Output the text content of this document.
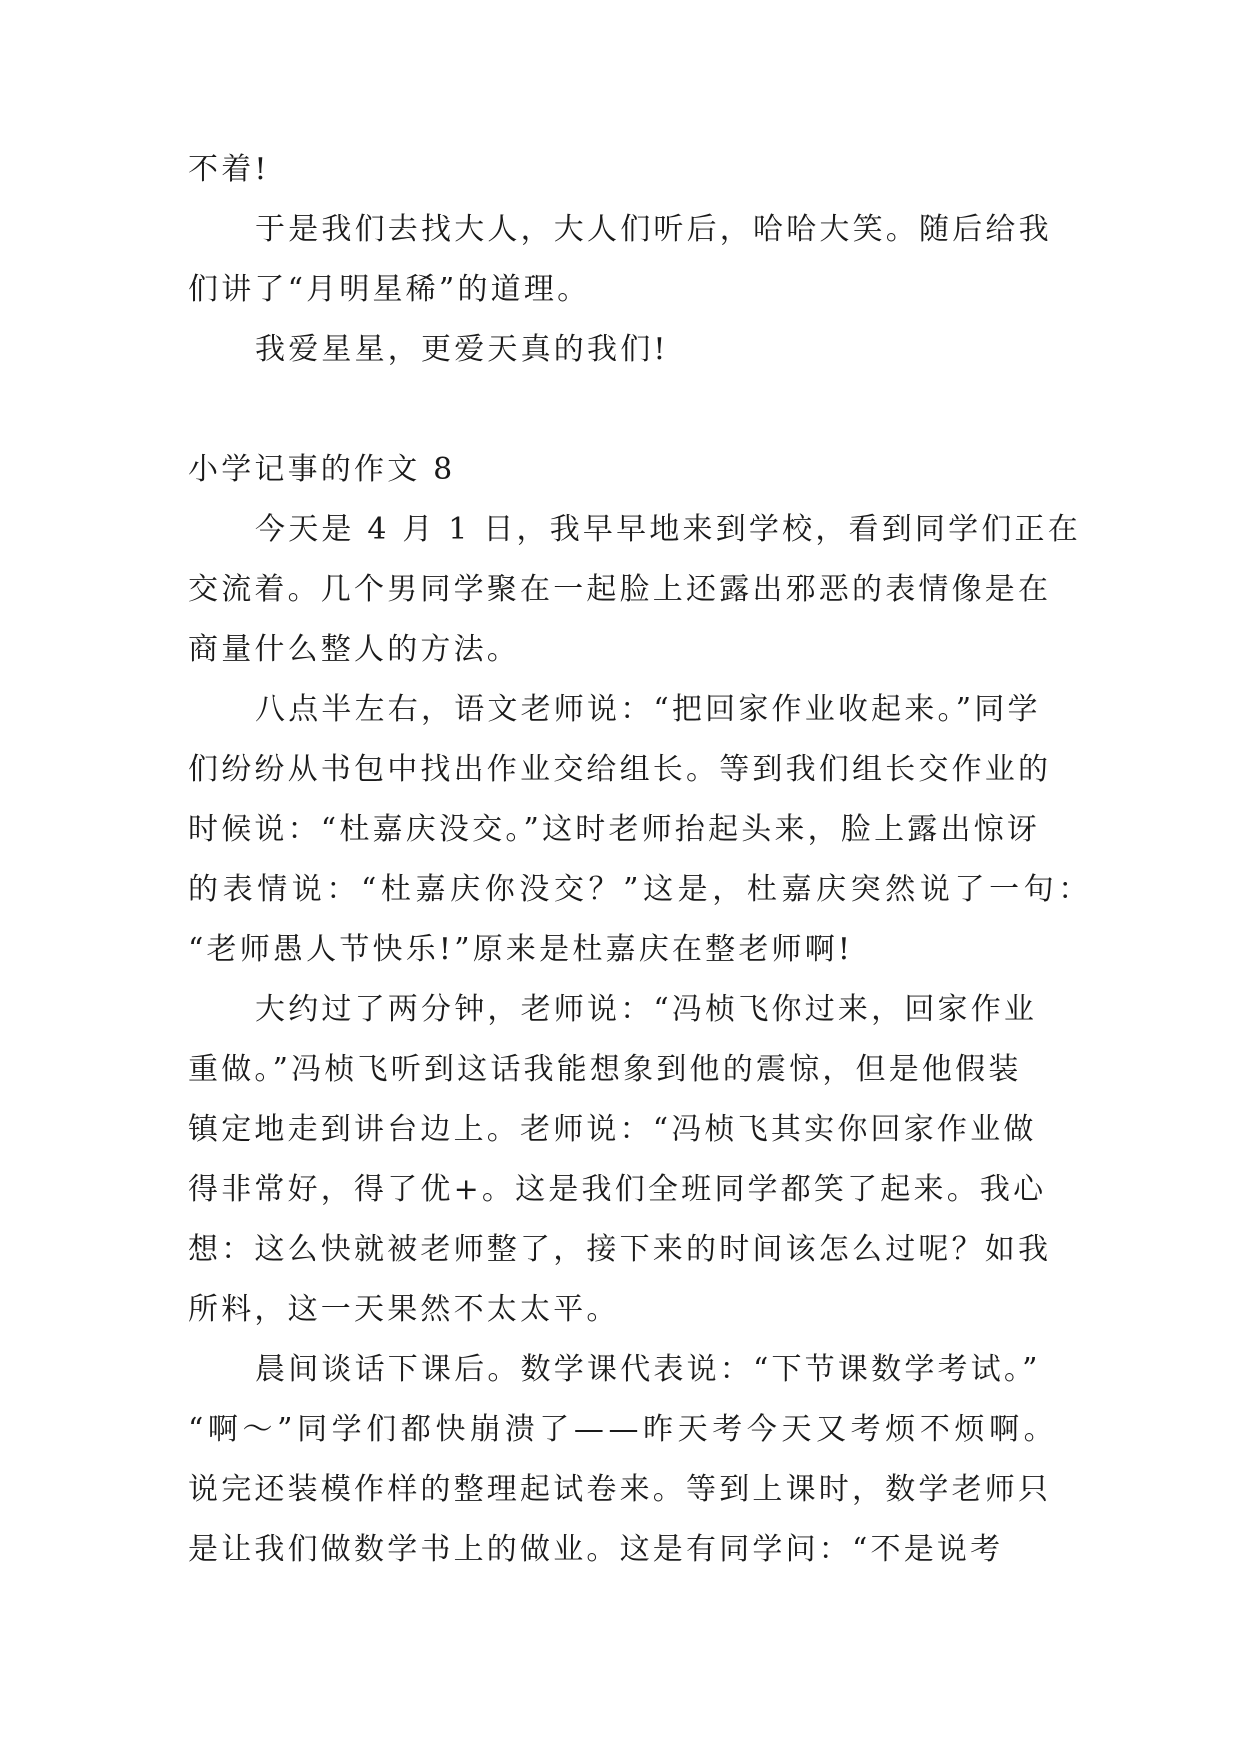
不着!

于是我们去找大人，大人们听后，哈哈大笑。随后给我

们讲了“月明星稀”的道理。

我爱星星，更爱天真的我们!

小学记事的作文 8

今天是 4 月 1 日，我早早地来到学校，看到同学们正在

交流着。几个男同学聚在一起脸上还露出邪恶的表情像是在

商量什么整人的方法。

八点半左右，语文老师说：“把回家作业收起来。”同学

们纷纷从书包中找出作业交给组长。等到我们组长交作业的

时候说：“杜嘉庆没交。”这时老师抬起头来，脸上露出惊讶

的表情说：“杜嘉庆你没交？”这是，杜嘉庆突然说了一句：

“老师愚人节快乐!”原来是杜嘉庆在整老师啊!

大约过了两分钟，老师说：“冯桢飞你过来，回家作业

重做。”冯桢飞听到这话我能想象到他的震惊，但是他假装

镇定地走到讲台边上。老师说：“冯桢飞其实你回家作业做

得非常好，得了优+。这是我们全班同学都笑了起来。我心

想：这么快就被老师整了，接下来的时间该怎么过呢？如我

所料，这一天果然不太太平。

晨间谈话下课后。数学课代表说：“下节课数学考试。”

“啊～”同学们都快崩溃了——昨天考今天又考烦不烦啊。

说完还装模作样的整理起试卷来。等到上课时，数学老师只

是让我们做数学书上的做业。这是有同学问：“不是说考
